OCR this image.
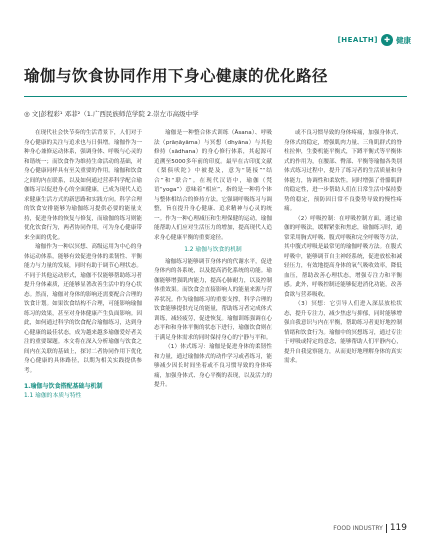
[HEALTH] ✚ 健康
瑜伽与饮食协同作用下身心健康的优化路径
◎ 文|彭程彩¹ 邓菲²（1.广西民族师范学院 2.崇左市高级中学

在现代社会快节奏的生活背景下，人们对于身心健康的关注与追求也与日俱增。瑜伽作为一种身心兼修运动体系，强调身体、呼吸与心灵的和谐统一；而饮食作为维持生命活动的基础，对身心健康同样具有至关重要的作用。瑜伽和饮食之间的内在联系，以及如何通过营养科学配合瑜伽练习以促进身心的全面健康，已成为现代人追求健康生活方式的新思路和实践方向。科学合理的饮食安排能够为瑜伽练习提供必要的能量支持，促进身体的恢复与修复，而瑜伽的练习则能优化饮食行为，两者协同作用，可为身心健康带来全面的优化。

瑜伽作为一种以冥想、高级运用为中心的身体运动体系，能够有效促进身体的柔韧性、平衡能力与力量的发展，同时有助于调节心理状态。不同于其他运动形式，瑜伽不仅能够帮助练习者提升身体素质，还能够显著改善生活中的身心状态。然而，瑜伽对身体的影响还需要配合合理的饮食计划。如果饮食结构不合理，可能影响瑜伽练习的效果，甚至对身体健康产生负面影响。因此，如何通过科学的饮食配合瑜伽练习，达到身心健康的最佳状态，成为越来越多瑜伽爱好者关注的重要课题。本文将在深入分析瑜伽与饮食之间内在关联的基础上，探讨二者协同作用下优化身心健康的具体路径，以期为相关实践提供参考。

1.瑜伽与饮食搭配基础与机制
1.1 瑜伽的本质与特性

瑜伽是一种整合体式训练（Āsana）、呼吸法（prāṇāyāma）与冥想（dhyāna）与其他修持（sādhana）的身心修行体系，其起源可追溯至5000多年前的印度。最早在古印度文献《梨俱吠陀》中被提及，意为“链接”“结合”和“联合”。在现代汉语中，瑜伽（梵语“yoga”）意味着“相应”，指的是一种将个体与整体相结合的修持方法。它强调呼吸练习与调整，旨在提升身心健康、追求精神与心灵的统一。作为一种心理减压和生理保健的运动，瑜伽能帮助人们应对生活压力的增加，提高现代人追求身心健康平衡的重要途径。

1.2 瑜伽与饮食的机制

瑜伽练习能够调节身体内的代谢水平，促进身体内的各系统，以及提高消化系统的功能。瑜伽能够增强肌肉能力，提高心肺耐力，以及控制体重效果。而饮食会直接影响人的能量来源与营养状况。作为瑜伽练习的重要支撑，科学合理的饮食能够提供充足的能量，帮助练习者完成体式训练，减轻疲劳，促进恢复。瑜伽训练强调在心态平和和身体平衡的状态下进行，瑜伽饮食则在于满足身体需求的同时保持身心的宁静与平和。

（1）体式练习：瑜伽是促进身体的柔韧性和力量，通过瑜伽体式的动作学习或者练习，能够减少因长时间坐着或不良习惯导致的身体疼痛，加强身体式、身心平衡的表现，以及活力的提升。

或不良习惯导致的身体疼痛，加强身体式、身体式的稳定，增强肌肉力量、三角肌群式的脊柱拉伸，生姿机能平衡式，下蹲平衡式等平衡体式的作用为，在腰部、臀部、平衡等瑜伽各类别体式练习过程中，提升了练习者的生活质量和身体能力，协调性和柔软性。同时增强了骨骼肌群的稳定性，进一步帮助人们在日常生活中保持姿势的稳定，预防因日常不良姿势导致的慢性疼痛。

（2）呼吸控制：在呼吸控制方面，通过瑜伽的呼吸法，缓解紧张和焦虑，瑜伽练习时，通常采用胸式呼吸、腹式呼吸和完全呼吸等方法，其中腹式呼吸是最常见的瑜伽呼吸方法。在腹式呼吸中，能够调节自主神经系统，促进放松和减轻压力，有效地提高身体的氧气吸收效率，降低血压，帮助改善心理状态，增强专注力和平衡感。此外，呼吸控制还能够促进消化功能，改善食欲与营养吸收。

（3）冥想：它引导人们进入深层放松状态，提升专注力，减少焦虑与抑郁，同时能够增强自我意识与内在平衡，帮助练习者更好地控制情绪和饮食行为。瑜伽中的冥想练习，通过专注于呼吸或特定的意念，能够帮助人们平静内心，提升自我觉察能力，从而更好地理解身体的真实需求。

FOOD INDUSTRY 119
